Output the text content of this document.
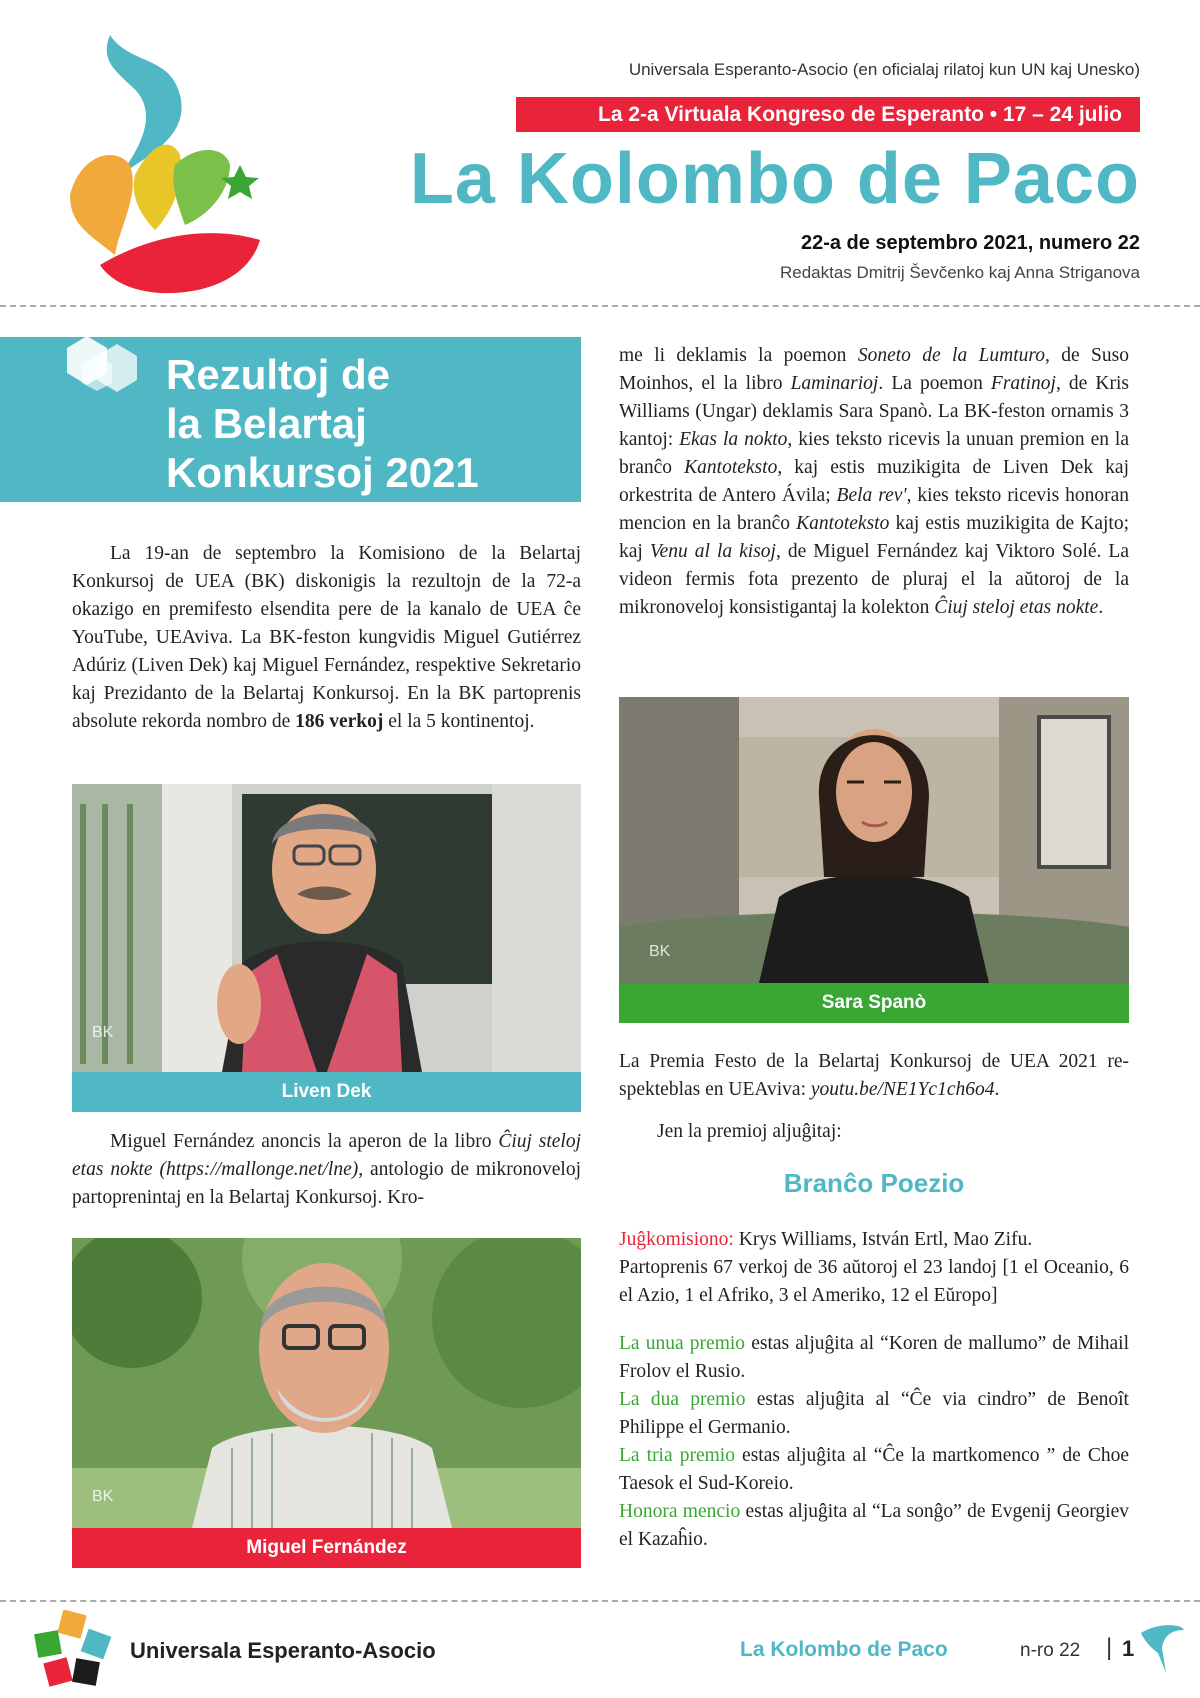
Universala Esperanto-Asocio (en oficialaj rilatoj kun UN kaj Unesko)
La 2-a Virtuala Kongreso de Esperanto • 17 – 24 julio
La Kolombo de Paco
22-a de septembro 2021, numero 22
Redaktas Dmitrij Ševčenko kaj Anna Striganova
Rezultoj de
la Belartaj
Konkursoj 2021

La 19-an de septembro la Komisiono de la Belartaj Konkursoj de UEA (BK) diskonigis la rezultojn de la 72-a okazigo en premifesto elsendita pere de la kanalo de UEA ĉe YouTube, UEAviva. La BK-feston kungvidis Miguel Gutiérrez Adúriz (Liven Dek) kaj Miguel Fernández, respektive Sekretario kaj Prezidanto de la Belartaj Konkursoj. En la BK partoprenis absolute rekorda nombro de 186 verkoj el la 5 kontinentoj.

BK
Liven Dek

Miguel Fernández anoncis la aperon de la libro Ĉiuj steloj etas nokte (https://mallonge.net/lne), antologio de mikronoveloj partoprenintaj en la Belartaj Konkursoj. Kro-

BK
Miguel Fernández

me li deklamis la poemon Soneto de la Lumturo, de Suso Moinhos, el la libro Laminarioj. La poemon Fratinoj, de Kris Williams (Ungar) deklamis Sara Spanò. La BK-feston ornamis 3 kantoj: Ekas la nokto, kies teksto ricevis la unuan premion en la branĉo Kantoteksto, kaj estis muzikigita de Liven Dek kaj orkestrita de Antero Ávila; Bela rev', kies teksto ricevis honoran mencion en la branĉo Kantoteksto kaj estis muzikigita de Kajto; kaj Venu al la kisoj, de Miguel Fernández kaj Viktoro Solé. La videon fermis fota prezento de pluraj el la aŭtoroj de la mikronoveloj konsistigantaj la kolekton Ĉiuj steloj etas nokte.

BK
Sara Spanò

La Premia Festo de la Belartaj Konkursoj de UEA 2021 re-spekteblas en UEAviva: youtu.be/NE1Yc1ch6o4.

Jen la premioj aljuĝitaj:

Branĉo Poezio

Juĝkomisiono: Krys Williams, István Ertl, Mao Zifu.

Partoprenis 67 verkoj de 36 aŭtoroj el 23 landoj [1 el Oceanio, 6 el Azio, 1 el Afriko, 3 el Ameriko, 12 el Eŭropo]

La unua premio estas aljuĝita al “Koren de mallumo” de Mihail Frolov el Rusio.

La dua premio estas aljuĝita al “Ĉe via cindro” de Benoît Philippe el Germanio.

La tria premio estas aljuĝita al “Ĉe la martkomenco ” de Choe Taesok el Sud-Koreio.

Honora mencio estas aljuĝita al “La sonĝo” de Evgenij Georgiev el Kazaĥio.

Universala Esperanto-Asocio	La Kolombo de Paco	n-ro 22 | 1
